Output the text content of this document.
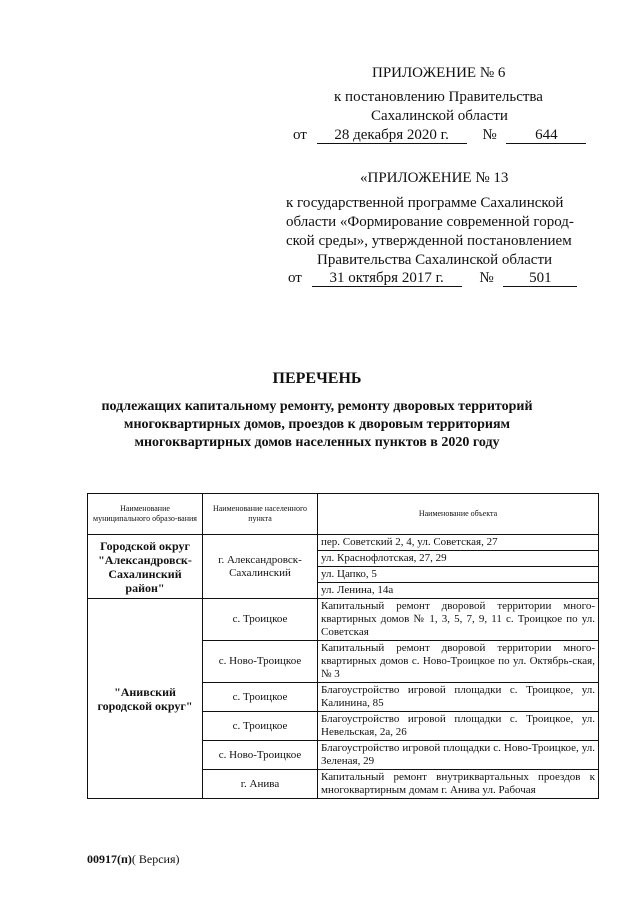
ПРИЛОЖЕНИЕ № 6
к постановлению Правительства
Сахалинской области
от 28 декабря 2020 г. №	644
«ПРИЛОЖЕНИЕ № 13
к государственной программе Сахалинской
области «Формирование современной город-
ской среды», утвержденной постановлением
Правительства Сахалинской области
от 31 октября 2017 г. № 501
ПЕРЕЧЕНЬ
подлежащих капитальному ремонту, ремонту дворовых территорий
многоквартирных домов, проездов к дворовым территориям
многоквартирных домов населенных пунктов в 2020 году
Наименование муниципального образо-вания	Наименование населенного пункта	Наименование объекта
Городской округ "Александровск-Сахалинский район"	г. Александровск-Сахалинский	пер. Советский 2, 4, ул. Советская, 27
		ул. Краснофлотская, 27, 29
		ул. Цапко, 5
		ул. Ленина, 14а
"Анивский городской округ"	с. Троицкое	Капитальный ремонт дворовой территории много-квартирных домов № 1, 3, 5, 7, 9, 11 с. Троицкое по ул. Советская
	с. Ново-Троицкое	Капитальный ремонт дворовой территории много-квартирных домов с. Ново-Троицкое по ул. Октябрь-ская, № 3
	с. Троицкое	Благоустройство игровой площадки с. Троицкое, ул. Калинина, 85
	с. Троицкое	Благоустройство игровой площадки с. Троицкое, ул. Невельская, 2а, 26
	с. Ново-Троицкое	Благоустройство игровой площадки с. Ново-Троицкое, ул. Зеленая, 29
	г. Анива	Капитальный ремонт внутриквартальных проездов к многоквартирным домам г. Анива ул. Рабочая
00917(п)( Версия)
